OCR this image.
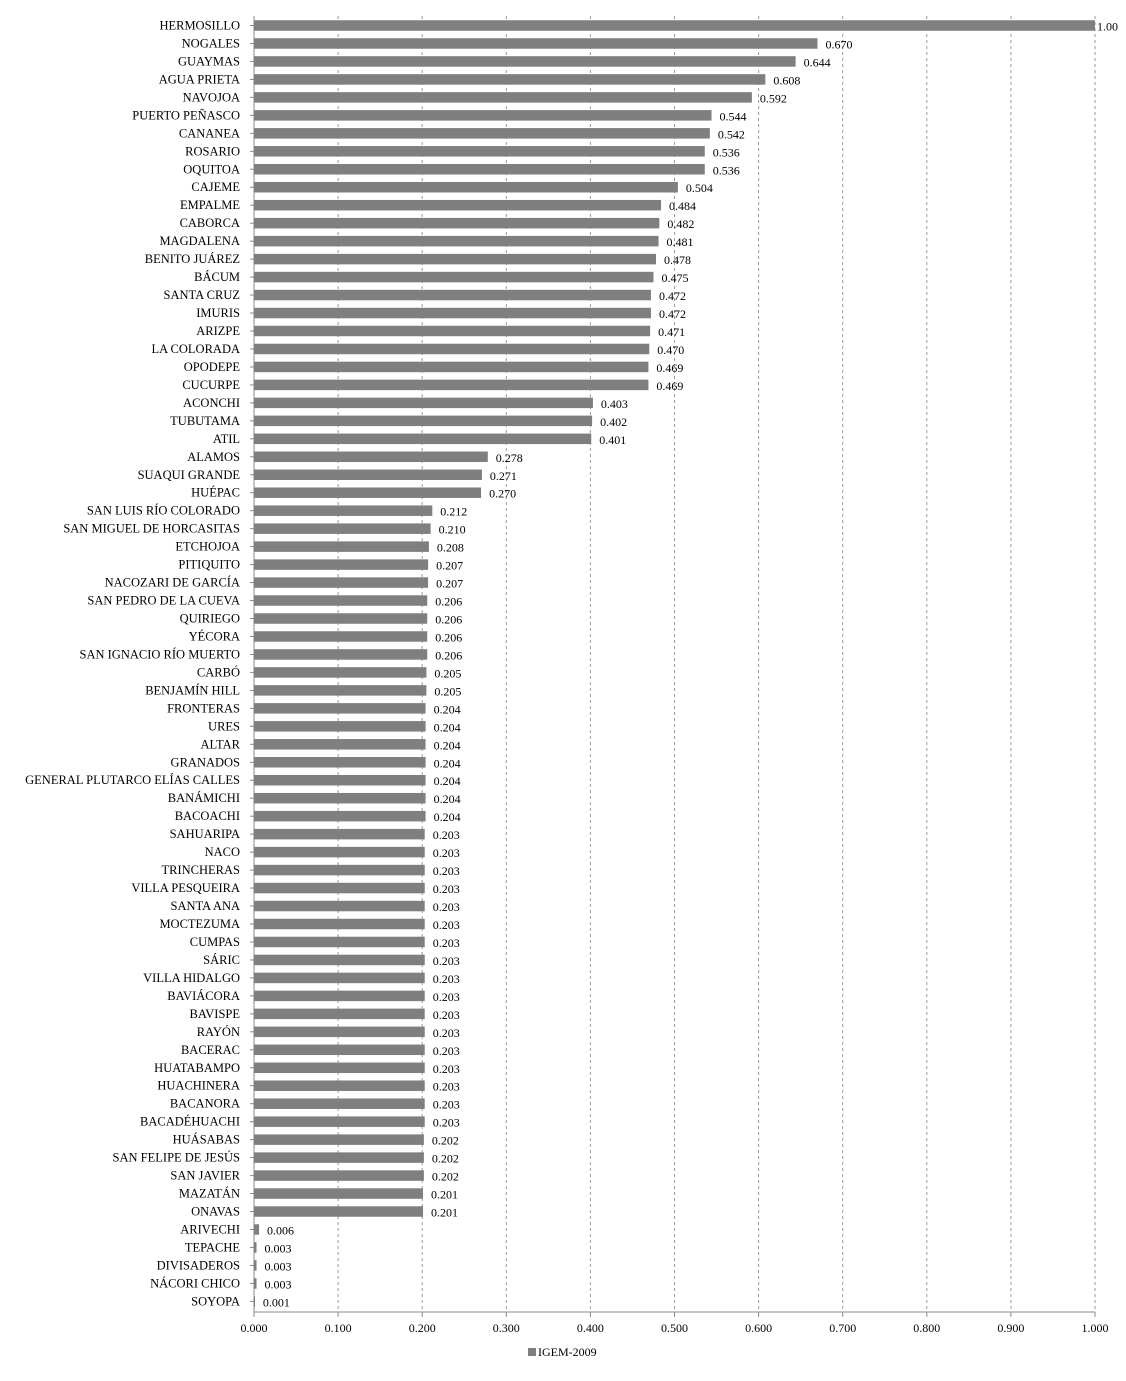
0.000	0.100	0.200	0.300	0.400	0.500	0.600	0.700	0.800	0.900	1.000
HERMOSILLO	1.00
NOGALES	0.670
GUAYMAS	0.644
AGUA PRIETA	0.608
NAVOJOA	0.592
PUERTO PEÑASCO	0.544
CANANEA	0.542
ROSARIO	0.536
OQUITOA	0.536
CAJEME	0.504
EMPALME	0.484
CABORCA	0.482
MAGDALENA	0.481
BENITO JUÁREZ	0.478
BÁCUM	0.475
SANTA CRUZ	0.472
IMURIS	0.472
ARIZPE	0.471
LA COLORADA	0.470
OPODEPE	0.469
CUCURPE	0.469
ACONCHI	0.403
TUBUTAMA	0.402
ATIL	0.401
ALAMOS	0.278
SUAQUI GRANDE	0.271
HUÉPAC	0.270
SAN LUIS RÍO COLORADO	0.212
SAN MIGUEL DE HORCASITAS	0.210
ETCHOJOA	0.208
PITIQUITO	0.207
NACOZARI DE GARCÍA	0.207
SAN PEDRO DE LA CUEVA	0.206
QUIRIEGO	0.206
YÉCORA	0.206
SAN IGNACIO RÍO MUERTO	0.206
CARBÓ	0.205
BENJAMÍN HILL	0.205
FRONTERAS	0.204
URES	0.204
ALTAR	0.204
GRANADOS	0.204
GENERAL PLUTARCO ELÍAS CALLES	0.204
BANÁMICHI	0.204
BACOACHI	0.204
SAHUARIPA	0.203
NACO	0.203
TRINCHERAS	0.203
VILLA PESQUEIRA	0.203
SANTA ANA	0.203
MOCTEZUMA	0.203
CUMPAS	0.203
SÁRIC	0.203
VILLA HIDALGO	0.203
BAVIÁCORA	0.203
BAVISPE	0.203
RAYÓN	0.203
BACERAC	0.203
HUATABAMPO	0.203
HUACHINERA	0.203
BACANORA	0.203
BACADÉHUACHI	0.203
HUÁSABAS	0.202
SAN FELIPE DE JESÚS	0.202
SAN JAVIER	0.202
MAZATÁN	0.201
ONAVAS	0.201
ARIVECHI 0.006
TEPACHE 0.003
DIVISADEROS 0.003
NÁCORI CHICO 0.003
SOYOPA 0.001
IGEM-2009
